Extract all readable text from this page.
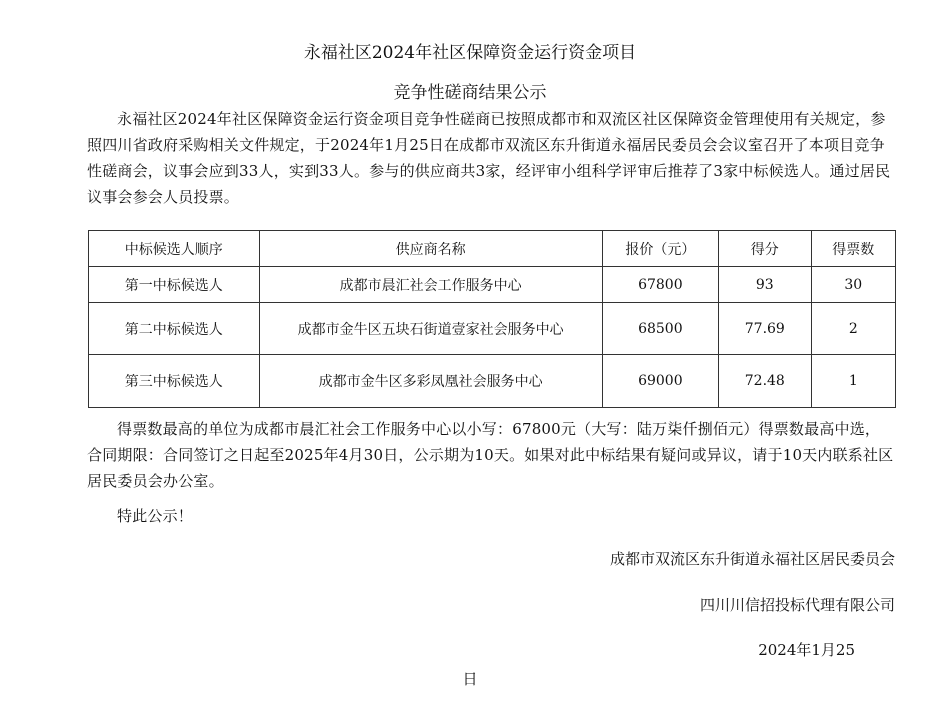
永福社区2024年社区保障资金运行资金项目
竞争性磋商结果公示

永福社区2024年社区保障资金运行资金项目竞争性磋商已按照成都市和双流区社区保障资金管理使用有关规定，参照四川省政府采购相关文件规定，于2024年1月25日在成都市双流区东升街道永福居民委员会会议室召开了本项目竞争性磋商会，议事会应到33人，实到33人。参与的供应商共3家，经评审小组科学评审后推荐了3家中标候选人。通过居民议事会参会人员投票。

中标候选人顺序	供应商名称	报价（元）	得分	得票数
第一中标候选人	成都市晨汇社会工作服务中心	67800	93	30
第二中标候选人	成都市金牛区五块石街道壹家社会服务中心	68500	77.69	2
第三中标候选人	成都市金牛区多彩凤凰社会服务中心	69000	72.48	1

得票数最高的单位为成都市晨汇社会工作服务中心以小写：67800元（大写：陆万柒仟捌佰元）得票数最高中选，合同期限：合同签订之日起至2025年4月30日，公示期为10天。如果对此中标结果有疑问或异议，请于10天内联系社区居民委员会办公室。

特此公示！

成都市双流区东升街道永福社区居民委员会
四川川信招投标代理有限公司
2024年1月25
日
